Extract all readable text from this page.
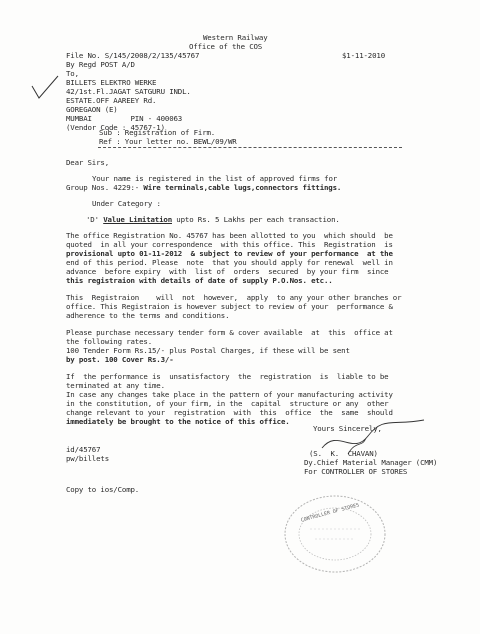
Western Railway
Office of the COS
File No. S/145/2008/2/135/45767	$1-11-2010
By Regd POST A/D
To,
BILLETS ELEKTRO WERKE
42/1st.Fl.JAGAT SATGURU INDL.
ESTATE.OFF AAREEY Rd.
GOREGAON (E)
MUMBAI         PIN - 400063
(Vendor Code : 45767-1)
Sub : Registration of Firm.
Ref : Your letter no. BEWL/09/WR
Dear Sirs,
Your name is registered in the list of approved firms for
Group Nos. 4229:- Wire terminals,cable lugs,connectors fittings.
Under Category :
'D' Value Limitation upto Rs. 5 Lakhs per each transaction.
The office Registration No. 45767 has been allotted to you  which should  be
quoted  in all your correspondence  with this office. This  Registration  is
provisional upto 01-11-2012  & subject to review of your performance  at the
end of this period. Please  note  that you should apply for renewal  well in
advance  before expiry  with  list of  orders  secured  by your firm  since
this registraion with details of date of supply P.O.Nos. etc..
This  Registraion    will  not  however,  apply  to any your other branches or
office. This Registraion is however subject to review of your  performance &
adherence to the terms and conditions.
Please purchase necessary tender form & cover available  at  this  office at
the following rates.
100 Tender Form Rs.15/- plus Postal Charges, if these will be sent
by post. 100 Cover Rs.3/-
If  the performance is  unsatisfactory  the  registration  is  liable to be
terminated at any time.
In case any changes take place in the pattern of your manufacturing activity
in the constitution, of your firm, in the  capital  structure or any  other
change relevant to your  registration  with  this  office  the  same  should
immediately be brought to the notice of this office.
Yours Sincerely,
(S.  K.  CHAVAN)
Dy.Chief Material Manager (CMM)
For CONTROLLER OF STORES
id/45767
pw/billets
Copy to ios/Comp.
CONTROLLER OF STORES
